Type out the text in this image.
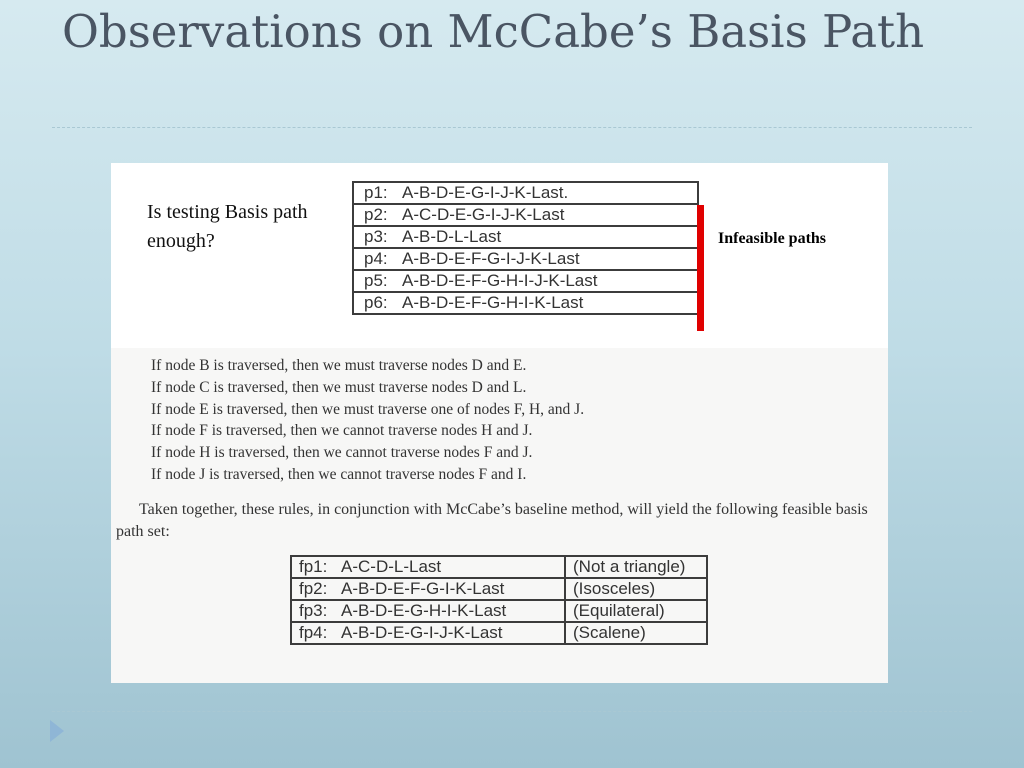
Observations on McCabe’s Basis Path
Is testing Basis path enough?
p1: A-B-D-E-G-I-J-K-Last.
p2: A-C-D-E-G-I-J-K-Last
p3: A-B-D-L-Last
p4: A-B-D-E-F-G-I-J-K-Last
p5: A-B-D-E-F-G-H-I-J-K-Last
p6: A-B-D-E-F-G-H-I-K-Last
Infeasible paths
If node B is traversed, then we must traverse nodes D and E.
If node C is traversed, then we must traverse nodes D and L.
If node E is traversed, then we must traverse one of nodes F, H, and J.
If node F is traversed, then we cannot traverse nodes H and J.
If node H is traversed, then we cannot traverse nodes F and J.
If node J is traversed, then we cannot traverse nodes F and I.
Taken together, these rules, in conjunction with McCabe’s baseline method, will yield the following feasible basis path set:
fp1: A-C-D-L-Last	(Not a triangle)
fp2: A-B-D-E-F-G-I-K-Last	(Isosceles)
fp3: A-B-D-E-G-H-I-K-Last	(Equilateral)
fp4: A-B-D-E-G-I-J-K-Last	(Scalene)
